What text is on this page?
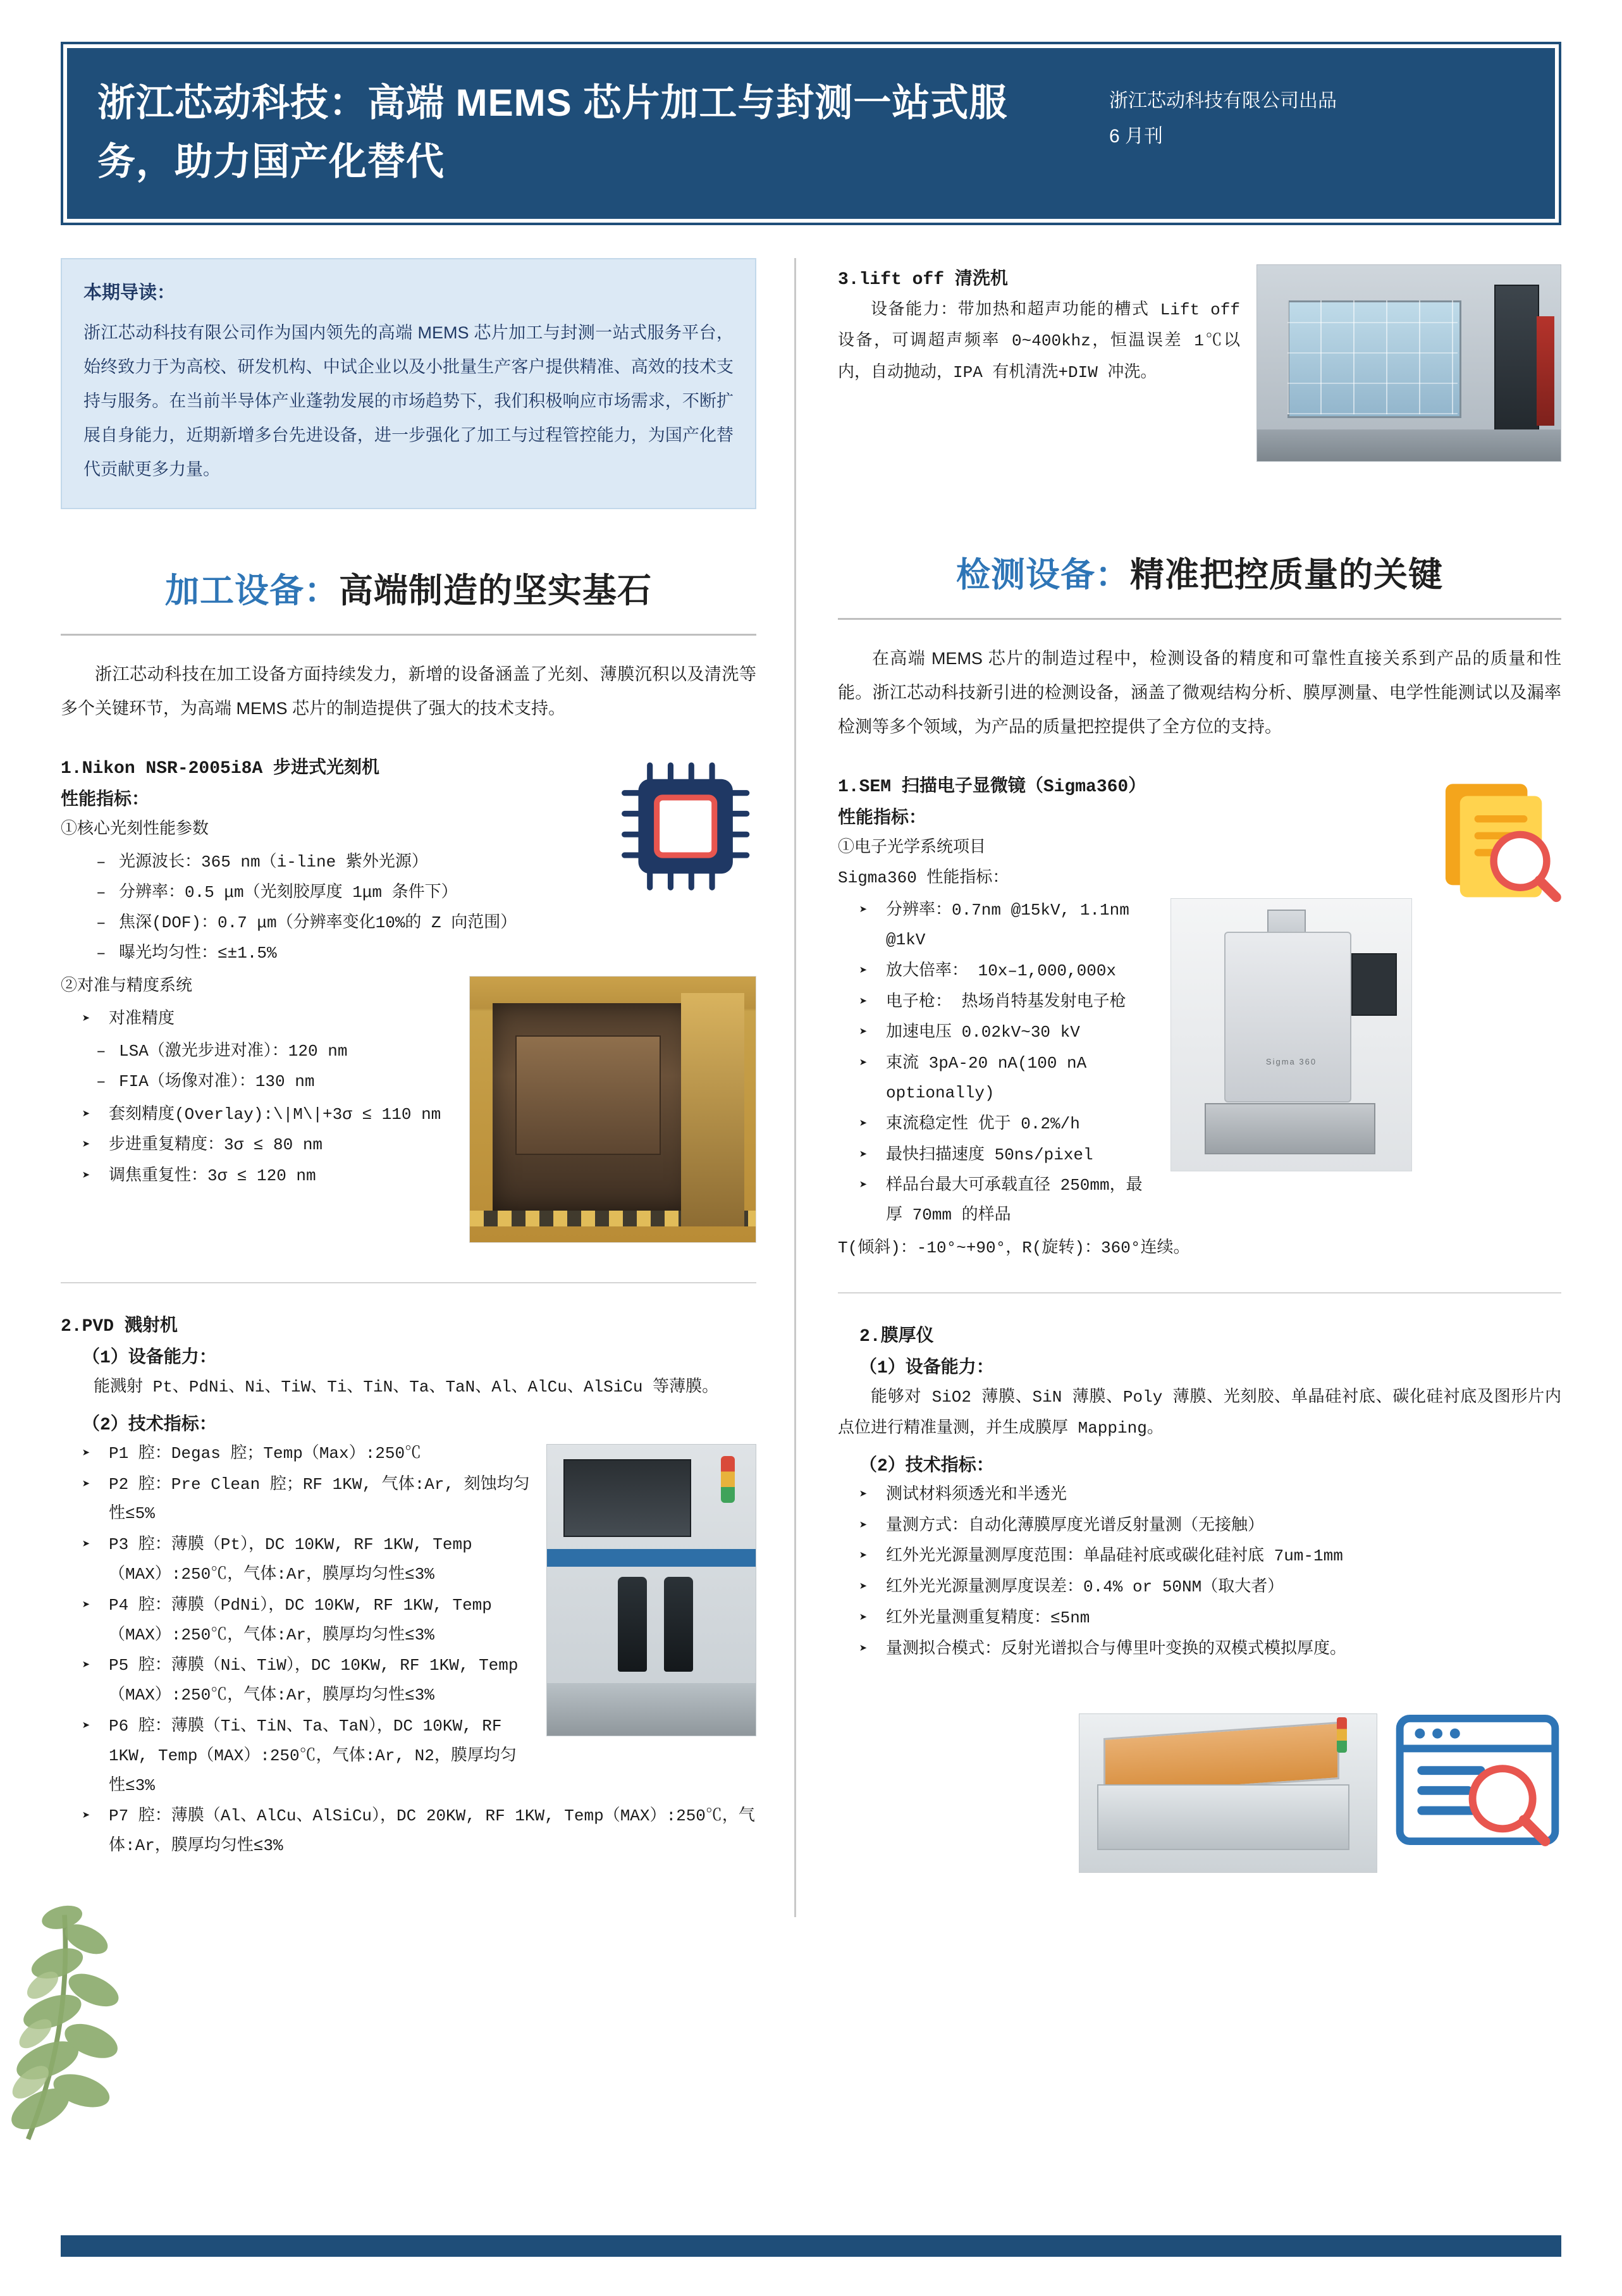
浙江芯动科技：高端 MEMS 芯片加工与封测一站式服务，助力国产化替代
浙江芯动科技有限公司出品
6 月刊
本期导读：
浙江芯动科技有限公司作为国内领先的高端 MEMS 芯片加工与封测一站式服务平台，始终致力于为高校、研发机构、中试企业以及小批量生产客户提供精准、高效的技术支持与服务。在当前半导体产业蓬勃发展的市场趋势下，我们积极响应市场需求，不断扩展自身能力，近期新增多台先进设备，进一步强化了加工与过程管控能力，为国产化替代贡献更多力量。
加工设备：高端制造的坚实基石
浙江芯动科技在加工设备方面持续发力，新增的设备涵盖了光刻、薄膜沉积以及清洗等多个关键环节，为高端 MEMS 芯片的制造提供了强大的技术支持。
1.Nikon NSR-2005i8A 步进式光刻机
性能指标：
①核心光刻性能参数
– 光源波长：365 nm（i-line 紫外光源）
– 分辨率：0.5 μm（光刻胶厚度 1μm 条件下）
– 焦深(DOF)：0.7 μm（分辨率变化10%的 Z 向范围）
– 曝光均匀性：≤±1.5%
②对准与精度系统
➤ 对准精度
– LSA（激光步进对准）：120 nm
– FIA（场像对准）：130 nm
➤ 套刻精度(Overlay):\|M\|+3σ ≤ 110 nm
➤ 步进重复精度：3σ ≤ 80 nm
➤ 调焦重复性：3σ ≤ 120 nm
2.PVD 溅射机
（1）设备能力：
能溅射 Pt、PdNi、Ni、TiW、Ti、TiN、Ta、TaN、Al、AlCu、AlSiCu 等薄膜。
（2）技术指标：
➤ P1 腔：Degas 腔；Temp（Max）:250℃
➤ P2 腔：Pre Clean 腔；RF 1KW, 气体:Ar, 刻蚀均匀性≤5%
➤ P3 腔：薄膜（Pt），DC 10KW, RF 1KW, Temp（MAX）:250℃，气体:Ar，膜厚均匀性≤3%
➤ P4 腔：薄膜（PdNi），DC 10KW, RF 1KW, Temp（MAX）:250℃，气体:Ar，膜厚均匀性≤3%
➤ P5 腔：薄膜（Ni、TiW），DC 10KW, RF 1KW, Temp（MAX）:250℃，气体:Ar，膜厚均匀性≤3%
➤ P6 腔：薄膜（Ti、TiN、Ta、TaN），DC 10KW, RF 1KW, Temp（MAX）:250℃，气体:Ar, N2，膜厚均匀性≤3%
➤ P7 腔：薄膜（Al、AlCu、AlSiCu），DC 20KW, RF 1KW, Temp（MAX）:250℃，气体:Ar，膜厚均匀性≤3%
3.lift off 清洗机
设备能力：带加热和超声功能的槽式 Lift off 设备，可调超声频率 0~400khz，恒温误差 1℃以内，自动抛动，IPA 有机清洗+DIW 冲洗。
检测设备：精准把控质量的关键
在高端 MEMS 芯片的制造过程中，检测设备的精度和可靠性直接关系到产品的质量和性能。浙江芯动科技新引进的检测设备，涵盖了微观结构分析、膜厚测量、电学性能测试以及漏率检测等多个领域，为产品的质量把控提供了全方位的支持。
1.SEM 扫描电子显微镜（Sigma360）
性能指标：
①电子光学系统项目
Sigma360 性能指标：
Sigma 360
➤ 分辨率：0.7nm @15kV, 1.1nm @1kV
➤ 放大倍率： 10x–1,000,000x
➤ 电子枪： 热场肖特基发射电子枪
➤ 加速电压 0.02kV~30 kV
➤ 束流 3pA-20 nA(100 nA optionally)
➤ 束流稳定性 优于 0.2%/h
➤ 最快扫描速度 50ns/pixel
➤ 样品台最大可承载直径 250mm，最厚 70mm 的样品
T(倾斜)：-10°~+90°，R(旋转)：360°连续。
2.膜厚仪
（1）设备能力：
能够对 SiO2 薄膜、SiN 薄膜、Poly 薄膜、光刻胶、单晶硅衬底、碳化硅衬底及图形片内点位进行精准量测，并生成膜厚 Mapping。
（2）技术指标：
➤ 测试材料须透光和半透光
➤ 量测方式：自动化薄膜厚度光谱反射量测（无接触）
➤ 红外光光源量测厚度范围：单晶硅衬底或碳化硅衬底 7um-1mm
➤ 红外光光源量测厚度误差：0.4% or 50NM（取大者）
➤ 红外光量测重复精度：≤5nm
➤ 量测拟合模式：反射光谱拟合与傅里叶变换的双模式模拟厚度。
